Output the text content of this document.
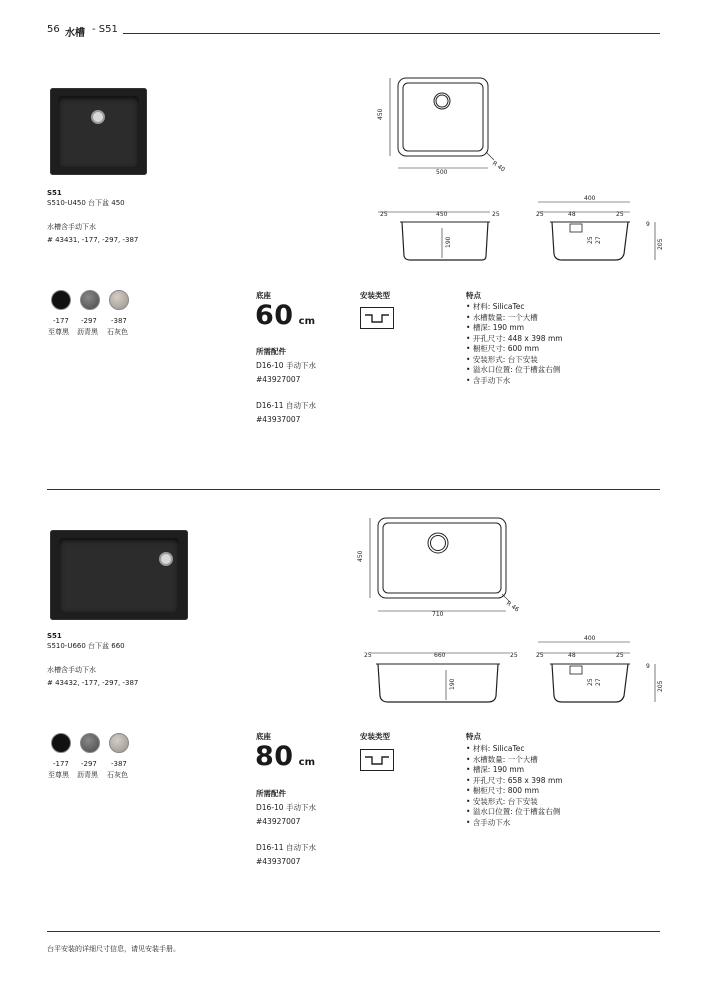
56 水槽 - S51
S51
S510-U450 台下盆 450
水槽含手动下水
# 43431, -177, -297, -387
-177 -297 -387
至尊黑 沥青黑 石灰色
底座
60 cm
所需配件
D16-10 手动下水
#43927007
D16-11 自动下水
#43937007
安装类型	特点
• 材料: SilicaTec
• 水槽数量: 一个大槽
• 槽深: 190 mm
• 开孔尺寸: 448 x 398 mm
• 橱柜尺寸: 600 mm
• 安装形式: 台下安装
• 溢水口位置: 位于槽盆右侧
• 含手动下水
450
500	R 40
25	450	25
190
400
25	48	25
9
25 27	205
S51
S510-U660 台下盆 660
水槽含手动下水
# 43432, -177, -297, -387
-177 -297 -387
至尊黑 沥青黑 石灰色
底座
80 cm
所需配件
D16-10 手动下水
#43927007
D16-11 自动下水
#43937007
安装类型	特点
• 材料: SilicaTec
• 水槽数量: 一个大槽
• 槽深: 190 mm
• 开孔尺寸: 658 x 398 mm
• 橱柜尺寸: 800 mm
• 安装形式: 台下安装
• 溢水口位置: 位于槽盆右侧
• 含手动下水
450
710
R 46
25	660	25
190
400
25	48	25
9
25 27	205
台平安装的详细尺寸信息，请见安装手册。
